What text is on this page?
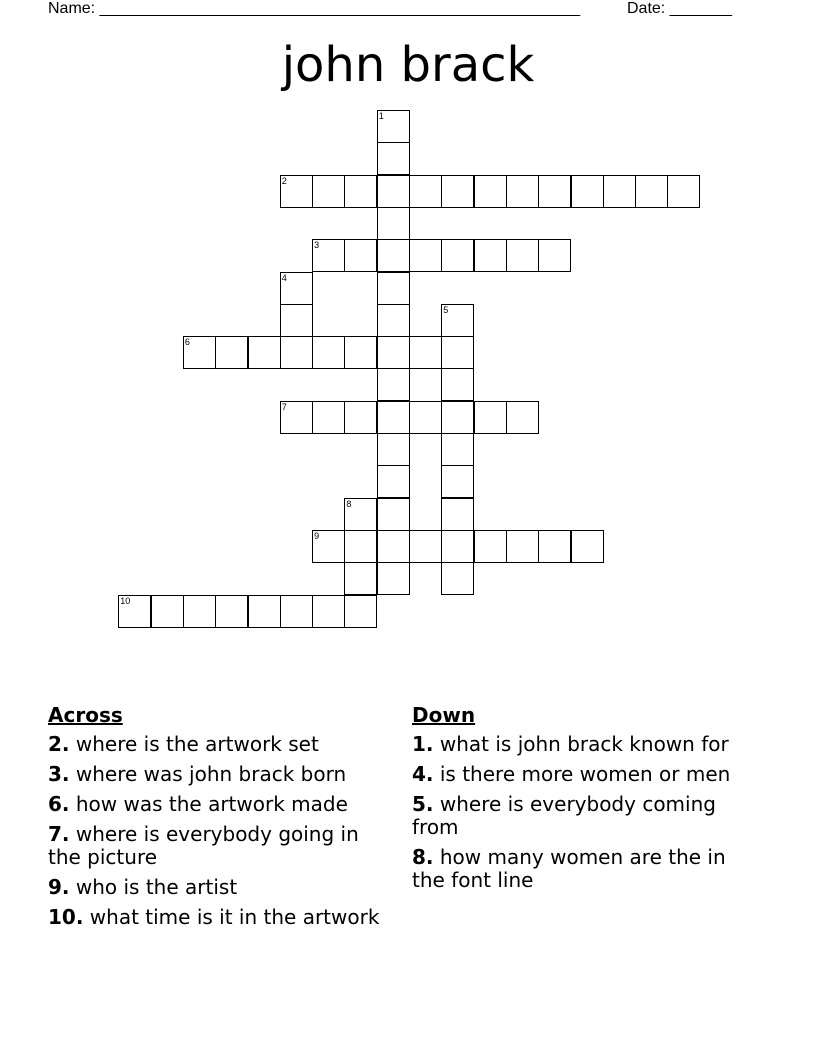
Name: ______________________________________________________	Date: _______
john brack
1
2
3
4
5
6
7
8
9
10
Across
2. where is the artwork set
3. where was john brack born
6. how was the artwork made
7. where is everybody going in the picture
9. who is the artist
10. what time is it in the artwork
Down
1. what is john brack known for
4. is there more women or men
5. where is everybody coming from
8. how many women are the in the font line
